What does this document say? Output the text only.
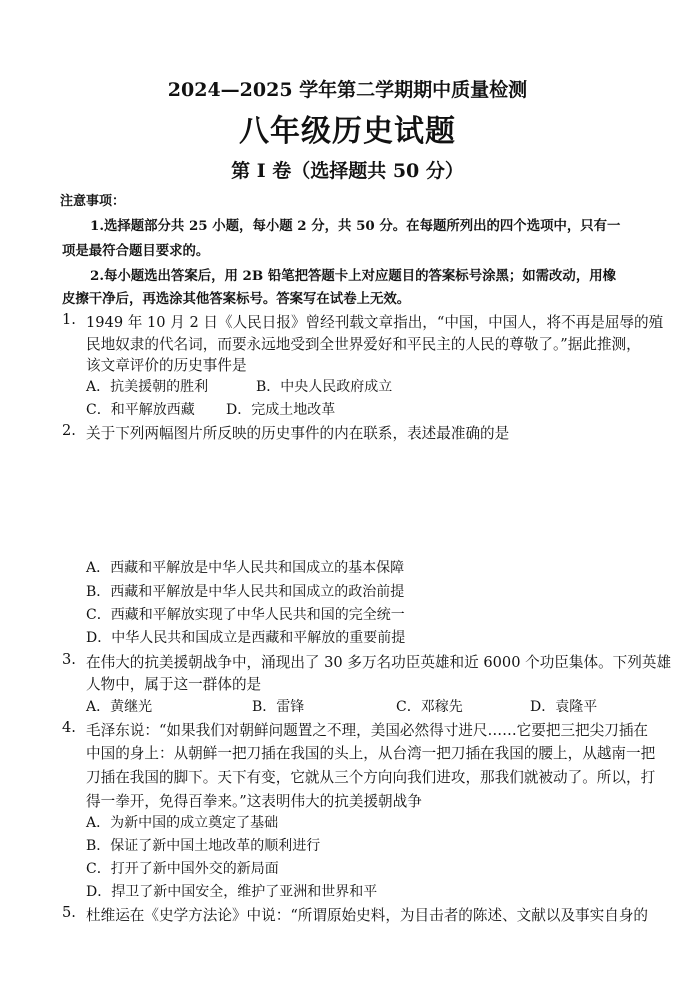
2024—2025 学年第二学期期中质量检测
八年级历史试题
第 I 卷（选择题共 50 分）
注意事项：
1.选择题部分共 25 小题，每小题 2 分，共 50 分。在每题所列出的四个选项中，只有一
项是最符合题目要求的。
2.每小题选出答案后，用 2B 铅笔把答题卡上对应题目的答案标号涂黑；如需改动，用橡
皮擦干净后，再选涂其他答案标号。答案写在试卷上无效。
1. 1949 年 10 月 2 日《人民日报》曾经刊载文章指出，“中国，中国人，将不再是屈辱的殖
民地奴隶的代名词，而要永远地受到全世界爱好和平民主的人民的尊敬了。”据此推测，
该文章评价的历史事件是
A．抗美援朝的胜利	B．中央人民政府成立
C．和平解放西藏 D．完成土地改革
2. 关于下列两幅图片所反映的历史事件的内在联系，表述最准确的是
A．西藏和平解放是中华人民共和国成立的基本保障
B．西藏和平解放是中华人民共和国成立的政治前提
C．西藏和平解放实现了中华人民共和国的完全统一
D．中华人民共和国成立是西藏和平解放的重要前提
3. 在伟大的抗美援朝战争中，涌现出了 30 多万名功臣英雄和近 6000 个功臣集体。下列英雄
人物中，属于这一群体的是
A．黄继光	B．雷锋	C．邓稼先	D．袁隆平
4. 毛泽东说：“如果我们对朝鲜问题置之不理，美国必然得寸进尺……它要把三把尖刀插在
中国的身上：从朝鲜一把刀插在我国的头上，从台湾一把刀插在我国的腰上，从越南一把
刀插在我国的脚下。天下有变，它就从三个方向向我们进攻，那我们就被动了。所以，打
得一拳开，免得百拳来。”这表明伟大的抗美援朝战争
A．为新中国的成立奠定了基础
B．保证了新中国土地改革的顺利进行
C．打开了新中国外交的新局面
D．捍卫了新中国安全，维护了亚洲和世界和平
5. 杜维运在《史学方法论》中说：“所谓原始史料，为目击者的陈述、文献以及事实自身的
